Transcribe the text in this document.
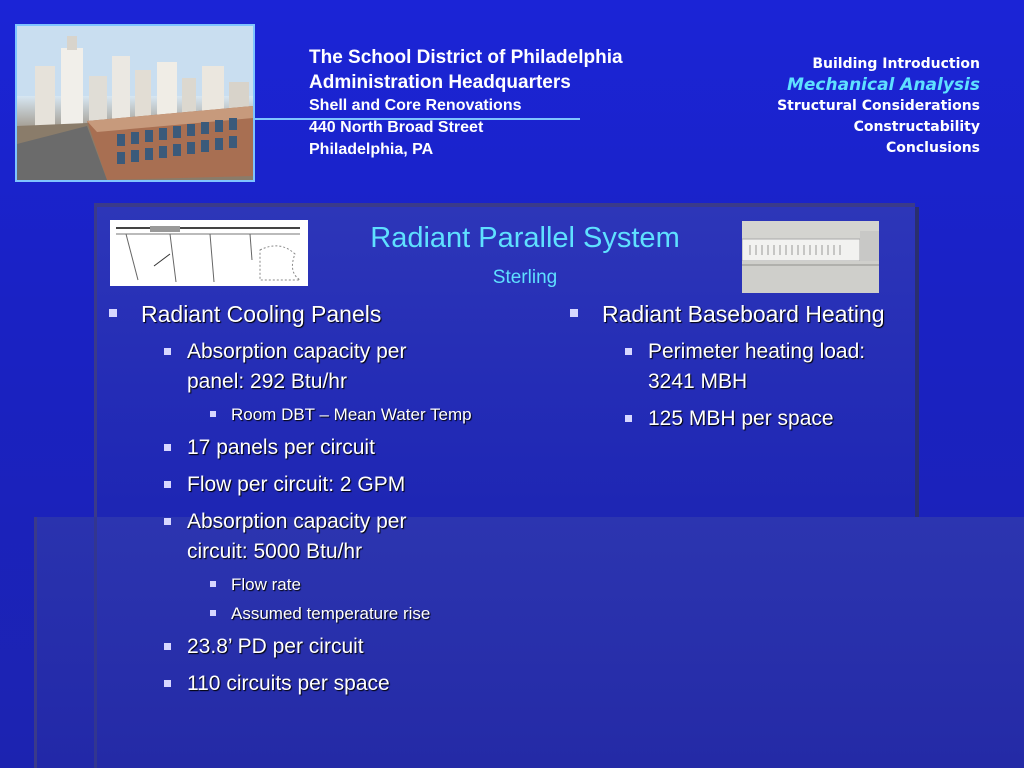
The School District of Philadelphia
Administration Headquarters
Shell and Core Renovations
440 North Broad Street
Philadelphia, PA
Building Introduction
Mechanical Analysis
Structural Considerations
Constructability
Conclusions
Radiant Parallel System
Sterling
Radiant Cooling Panels
Absorption capacity per panel: 292 Btu/hr
Room DBT – Mean Water Temp
17 panels per circuit
Flow per circuit: 2 GPM
Absorption capacity per circuit: 5000 Btu/hr
Flow rate
Assumed temperature rise
23.8’ PD per circuit
110 circuits per space
Radiant Baseboard Heating
Perimeter heating load: 3241 MBH
125 MBH per space
